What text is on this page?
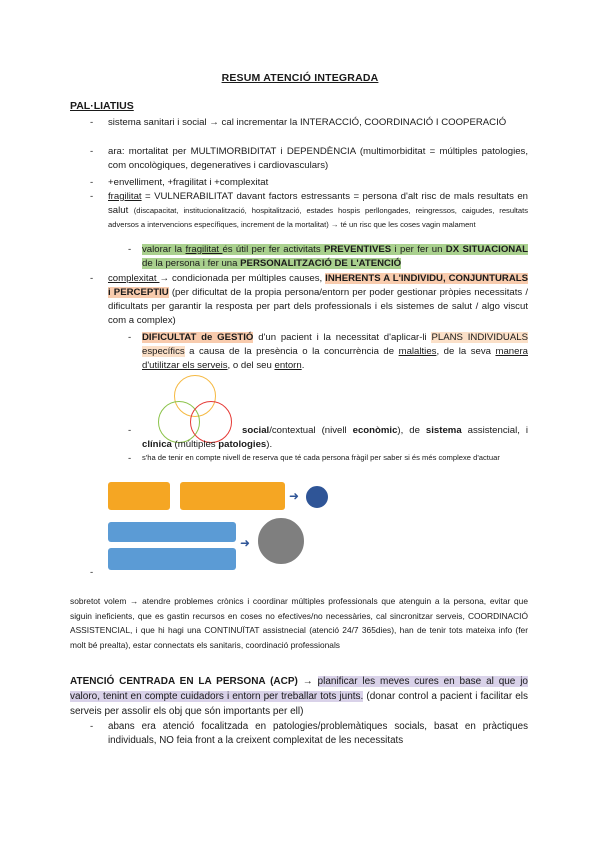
RESUM ATENCIÓ INTEGRADA
PAL·LIATIUS
- sistema sanitari i social → cal incrementar la INTERACCIÓ, COORDINACIÓ I COOPERACIÓ
- ara: mortalitat per MULTIMORBIDITAT i DEPENDÈNCIA (multimorbiditat = múltiples patologies, com oncològiques, degeneratives i cardiovasculars)
- +envelliment, +fragilitat i +complexitat
- fragilitat = VULNERABILITAT davant factors estressants = persona d'alt risc de mals resultats en salut (discapacitat, institucionalització, hospitalització, estades hospis perllongades, reingressos, caigudes, resultats adversos a intervencions específiques, increment de la mortalitat) → té un risc que les coses vagin malament
- valorar la fragilitat és útil per fer activitats PREVENTIVES i per fer un DX SITUACIONAL de la persona i fer una PERSONALITZACIÓ DE L'ATENCIÓ
- complexitat → condicionada per múltiples causes, INHERENTS A L'INDIVIDU, CONJUNTURALS i PERCEPTIU (per dificultat de la propia persona/entorn per poder gestionar pròpies necessitats / dificultats per garantir la resposta per part dels professionals i els sistemes de salut / algo viscut com a complex)
- DIFICULTAT de GESTIÓ d'un pacient i la necessitat d'aplicar-li PLANS INDIVIDUALS específics a causa de la presència o la concurrència de malalties, de la seva manera d'utilitzar els serveis, o del seu entorn.
-	social/contextual (nivell econòmic), de sistema assistencial, i clínica (múltiples patologies).
- s'ha de tenir en compte nivell de reserva que té cada persona fràgil per saber si és més complexe d'actuar
➜
➜
-
sobretot volem → atendre problemes crònics i coordinar múltiples professionals que atenguin a la persona, evitar que siguin ineficients, que es gastin recursos en coses no efectives/no necessàries, cal sincronitzar serveis, COORDINACIÓ ASSISTENCIAL, i que hi hagi una CONTINUÏTAT assistnecial (atenció 24/7 365dies), han de tenir tots mateixa info (fer molt bé prealta), estar connectats els sanitaris, coordinació professionals
ATENCIÓ CENTRADA EN LA PERSONA (ACP) → planificar les meves cures en base al que jo valoro, tenint en compte cuidadors i entorn per treballar tots junts. (donar control a pacient i facilitar els serveis per assolir els obj que són importants per ell)
- abans era atenció focalitzada en patologies/problemàtiques socials, basat en pràctiques individuals, NO feia front a la creixent complexitat de les necessitats
